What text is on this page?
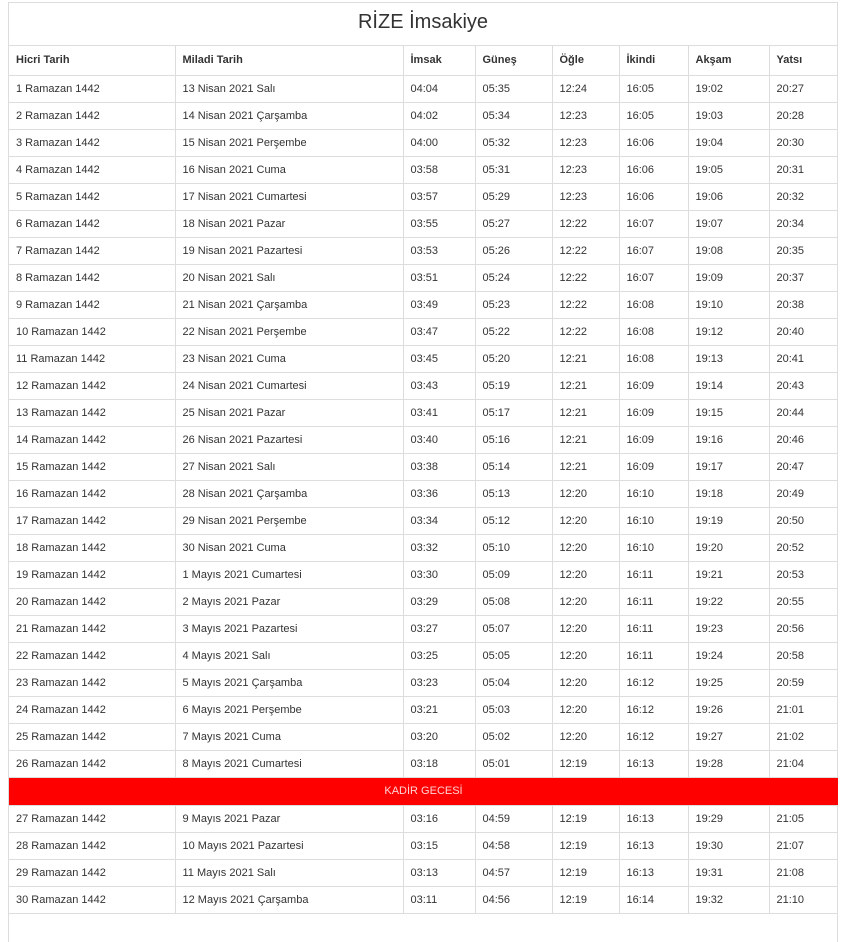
RİZE İmsakiye
Hicri Tarih	Miladi Tarih	İmsak	Güneş	Öğle	İkindi	Akşam	Yatsı
1 Ramazan 1442	13 Nisan 2021 Salı	04:04	05:35	12:24	16:05	19:02	20:27
2 Ramazan 1442	14 Nisan 2021 Çarşamba	04:02	05:34	12:23	16:05	19:03	20:28
3 Ramazan 1442	15 Nisan 2021 Perşembe	04:00	05:32	12:23	16:06	19:04	20:30
4 Ramazan 1442	16 Nisan 2021 Cuma	03:58	05:31	12:23	16:06	19:05	20:31
5 Ramazan 1442	17 Nisan 2021 Cumartesi	03:57	05:29	12:23	16:06	19:06	20:32
6 Ramazan 1442	18 Nisan 2021 Pazar	03:55	05:27	12:22	16:07	19:07	20:34
7 Ramazan 1442	19 Nisan 2021 Pazartesi	03:53	05:26	12:22	16:07	19:08	20:35
8 Ramazan 1442	20 Nisan 2021 Salı	03:51	05:24	12:22	16:07	19:09	20:37
9 Ramazan 1442	21 Nisan 2021 Çarşamba	03:49	05:23	12:22	16:08	19:10	20:38
10 Ramazan 1442	22 Nisan 2021 Perşembe	03:47	05:22	12:22	16:08	19:12	20:40
11 Ramazan 1442	23 Nisan 2021 Cuma	03:45	05:20	12:21	16:08	19:13	20:41
12 Ramazan 1442	24 Nisan 2021 Cumartesi	03:43	05:19	12:21	16:09	19:14	20:43
13 Ramazan 1442	25 Nisan 2021 Pazar	03:41	05:17	12:21	16:09	19:15	20:44
14 Ramazan 1442	26 Nisan 2021 Pazartesi	03:40	05:16	12:21	16:09	19:16	20:46
15 Ramazan 1442	27 Nisan 2021 Salı	03:38	05:14	12:21	16:09	19:17	20:47
16 Ramazan 1442	28 Nisan 2021 Çarşamba	03:36	05:13	12:20	16:10	19:18	20:49
17 Ramazan 1442	29 Nisan 2021 Perşembe	03:34	05:12	12:20	16:10	19:19	20:50
18 Ramazan 1442	30 Nisan 2021 Cuma	03:32	05:10	12:20	16:10	19:20	20:52
19 Ramazan 1442	1 Mayıs 2021 Cumartesi	03:30	05:09	12:20	16:11	19:21	20:53
20 Ramazan 1442	2 Mayıs 2021 Pazar	03:29	05:08	12:20	16:11	19:22	20:55
21 Ramazan 1442	3 Mayıs 2021 Pazartesi	03:27	05:07	12:20	16:11	19:23	20:56
22 Ramazan 1442	4 Mayıs 2021 Salı	03:25	05:05	12:20	16:11	19:24	20:58
23 Ramazan 1442	5 Mayıs 2021 Çarşamba	03:23	05:04	12:20	16:12	19:25	20:59
24 Ramazan 1442	6 Mayıs 2021 Perşembe	03:21	05:03	12:20	16:12	19:26	21:01
25 Ramazan 1442	7 Mayıs 2021 Cuma	03:20	05:02	12:20	16:12	19:27	21:02
26 Ramazan 1442	8 Mayıs 2021 Cumartesi	03:18	05:01	12:19	16:13	19:28	21:04
KADİR GECESİ							
27 Ramazan 1442	9 Mayıs 2021 Pazar	03:16	04:59	12:19	16:13	19:29	21:05
28 Ramazan 1442	10 Mayıs 2021 Pazartesi	03:15	04:58	12:19	16:13	19:30	21:07
29 Ramazan 1442	11 Mayıs 2021 Salı	03:13	04:57	12:19	16:13	19:31	21:08
30 Ramazan 1442	12 Mayıs 2021 Çarşamba	03:11	04:56	12:19	16:14	19:32	21:10
